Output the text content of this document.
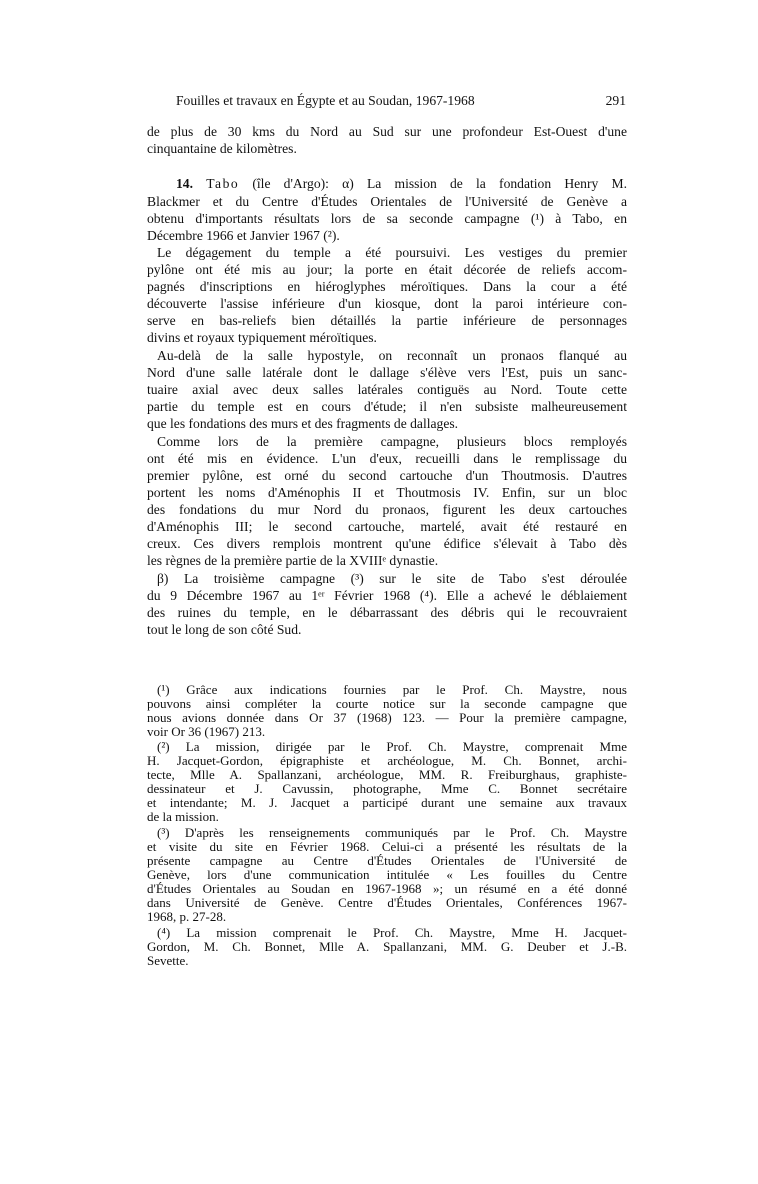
Fouilles et travaux en Égypte et au Soudan, 1967-1968	291
de plus de 30 kms du Nord au Sud sur une profondeur Est-Ouest d'une
cinquantaine de kilomètres.
14. Tabo (île d'Argo): α) La mission de la fondation Henry M.
Blackmer et du Centre d'Études Orientales de l'Université de Genève a
obtenu d'importants résultats lors de sa seconde campagne (¹) à Tabo, en
Décembre 1966 et Janvier 1967 (²).
Le dégagement du temple a été poursuivi. Les vestiges du premier
pylône ont été mis au jour; la porte en était décorée de reliefs accom-
pagnés d'inscriptions en hiéroglyphes méroïtiques. Dans la cour a été
découverte l'assise inférieure d'un kiosque, dont la paroi intérieure con-
serve en bas-reliefs bien détaillés la partie inférieure de personnages
divins et royaux typiquement méroïtiques.
Au-delà de la salle hypostyle, on reconnaît un pronaos flanqué au
Nord d'une salle latérale dont le dallage s'élève vers l'Est, puis un sanc-
tuaire axial avec deux salles latérales contiguës au Nord. Toute cette
partie du temple est en cours d'étude; il n'en subsiste malheureusement
que les fondations des murs et des fragments de dallages.
Comme lors de la première campagne, plusieurs blocs remployés
ont été mis en évidence. L'un d'eux, recueilli dans le remplissage du
premier pylône, est orné du second cartouche d'un Thoutmosis. D'autres
portent les noms d'Aménophis II et Thoutmosis IV. Enfin, sur un bloc
des fondations du mur Nord du pronaos, figurent les deux cartouches
d'Aménophis III; le second cartouche, martelé, avait été restauré en
creux. Ces divers remplois montrent qu'une édifice s'élevait à Tabo dès
les règnes de la première partie de la XVIIIᵉ dynastie.
β) La troisième campagne (³) sur le site de Tabo s'est déroulée
du 9 Décembre 1967 au 1ᵉʳ Février 1968 (⁴). Elle a achevé le déblaiement
des ruines du temple, en le débarrassant des débris qui le recouvraient
tout le long de son côté Sud.
(¹) Grâce aux indications fournies par le Prof. Ch. Maystre, nous
pouvons ainsi compléter la courte notice sur la seconde campagne que
nous avions donnée dans Or 37 (1968) 123. — Pour la première campagne,
voir Or 36 (1967) 213.
(²) La mission, dirigée par le Prof. Ch. Maystre, comprenait Mme
H. Jacquet-Gordon, épigraphiste et archéologue, M. Ch. Bonnet, archi-
tecte, Mlle A. Spallanzani, archéologue, MM. R. Freiburghaus, graphiste-
dessinateur et J. Cavussin, photographe, Mme C. Bonnet secrétaire
et intendante; M. J. Jacquet a participé durant une semaine aux travaux
de la mission.
(³) D'après les renseignements communiqués par le Prof. Ch. Maystre
et visite du site en Février 1968. Celui-ci a présenté les résultats de la
présente campagne au Centre d'Études Orientales de l'Université de
Genève, lors d'une communication intitulée « Les fouilles du Centre
d'Études Orientales au Soudan en 1967-1968 »; un résumé en a été donné
dans Université de Genève. Centre d'Études Orientales, Conférences 1967-
1968, p. 27-28.
(⁴) La mission comprenait le Prof. Ch. Maystre, Mme H. Jacquet-
Gordon, M. Ch. Bonnet, Mlle A. Spallanzani, MM. G. Deuber et J.-B.
Sevette.
